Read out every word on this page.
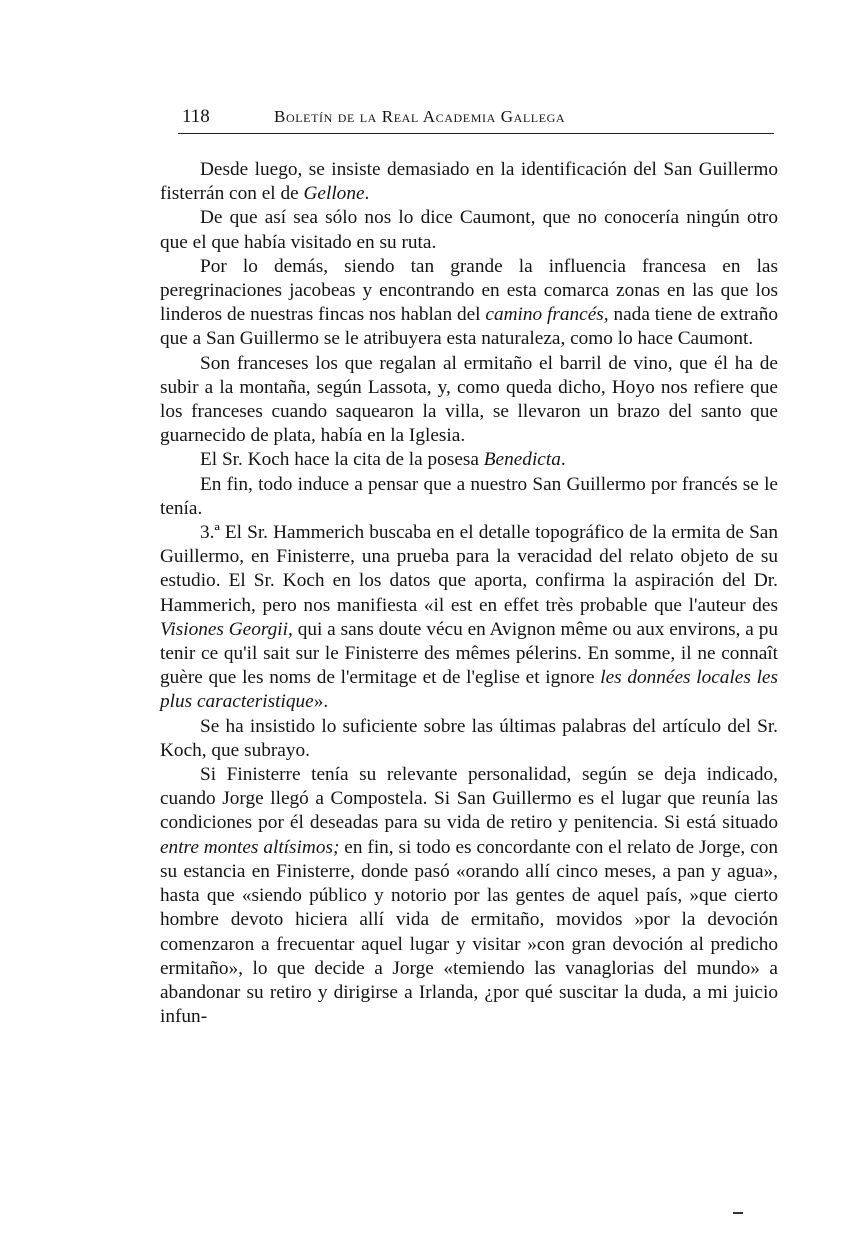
118	Boletín de la Real Academia Gallega

Desde luego, se insiste demasiado en la identificación del San Guillermo fisterrán con el de Gellone.

De que así sea sólo nos lo dice Caumont, que no conocería ningún otro que el que había visitado en su ruta.

Por lo demás, siendo tan grande la influencia francesa en las peregrinaciones jacobeas y encontrando en esta comarca zonas en las que los linderos de nuestras fincas nos hablan del camino francés, nada tiene de extraño que a San Guillermo se le atribuyera esta naturaleza, como lo hace Caumont.

Son franceses los que regalan al ermitaño el barril de vino, que él ha de subir a la montaña, según Lassota, y, como queda dicho, Hoyo nos refiere que los franceses cuando saquearon la villa, se llevaron un brazo del santo que guarnecido de plata, había en la Iglesia.

El Sr. Koch hace la cita de la posesa Benedicta.

En fin, todo induce a pensar que a nuestro San Guillermo por francés se le tenía.

3.ª El Sr. Hammerich buscaba en el detalle topográfico de la ermita de San Guillermo, en Finisterre, una prueba para la veracidad del relato objeto de su estudio. El Sr. Koch en los datos que aporta, confirma la aspiración del Dr. Hammerich, pero nos manifiesta «il est en effet très probable que l'auteur des Visiones Georgii, qui a sans doute vécu en Avignon même ou aux environs, a pu tenir ce qu'il sait sur le Finisterre des mêmes pélerins. En somme, il ne connaît guère que les noms de l'ermitage et de l'eglise et ignore les données locales les plus caracteristique».

Se ha insistido lo suficiente sobre las últimas palabras del artículo del Sr. Koch, que subrayo.

Si Finisterre tenía su relevante personalidad, según se deja indicado, cuando Jorge llegó a Compostela. Si San Guillermo es el lugar que reunía las condiciones por él deseadas para su vida de retiro y penitencia. Si está situado entre montes altísimos; en fin, si todo es concordante con el relato de Jorge, con su estancia en Finisterre, donde pasó «orando allí cinco meses, a pan y agua», hasta que «siendo público y notorio por las gentes de aquel país, »que cierto hombre devoto hiciera allí vida de ermitaño, movidos »por la devoción comenzaron a frecuentar aquel lugar y visitar »con gran devoción al predicho ermitaño», lo que decide a Jorge «temiendo las vanaglorias del mundo» a abandonar su retiro y dirigirse a Irlanda, ¿por qué suscitar la duda, a mi juicio infun-
